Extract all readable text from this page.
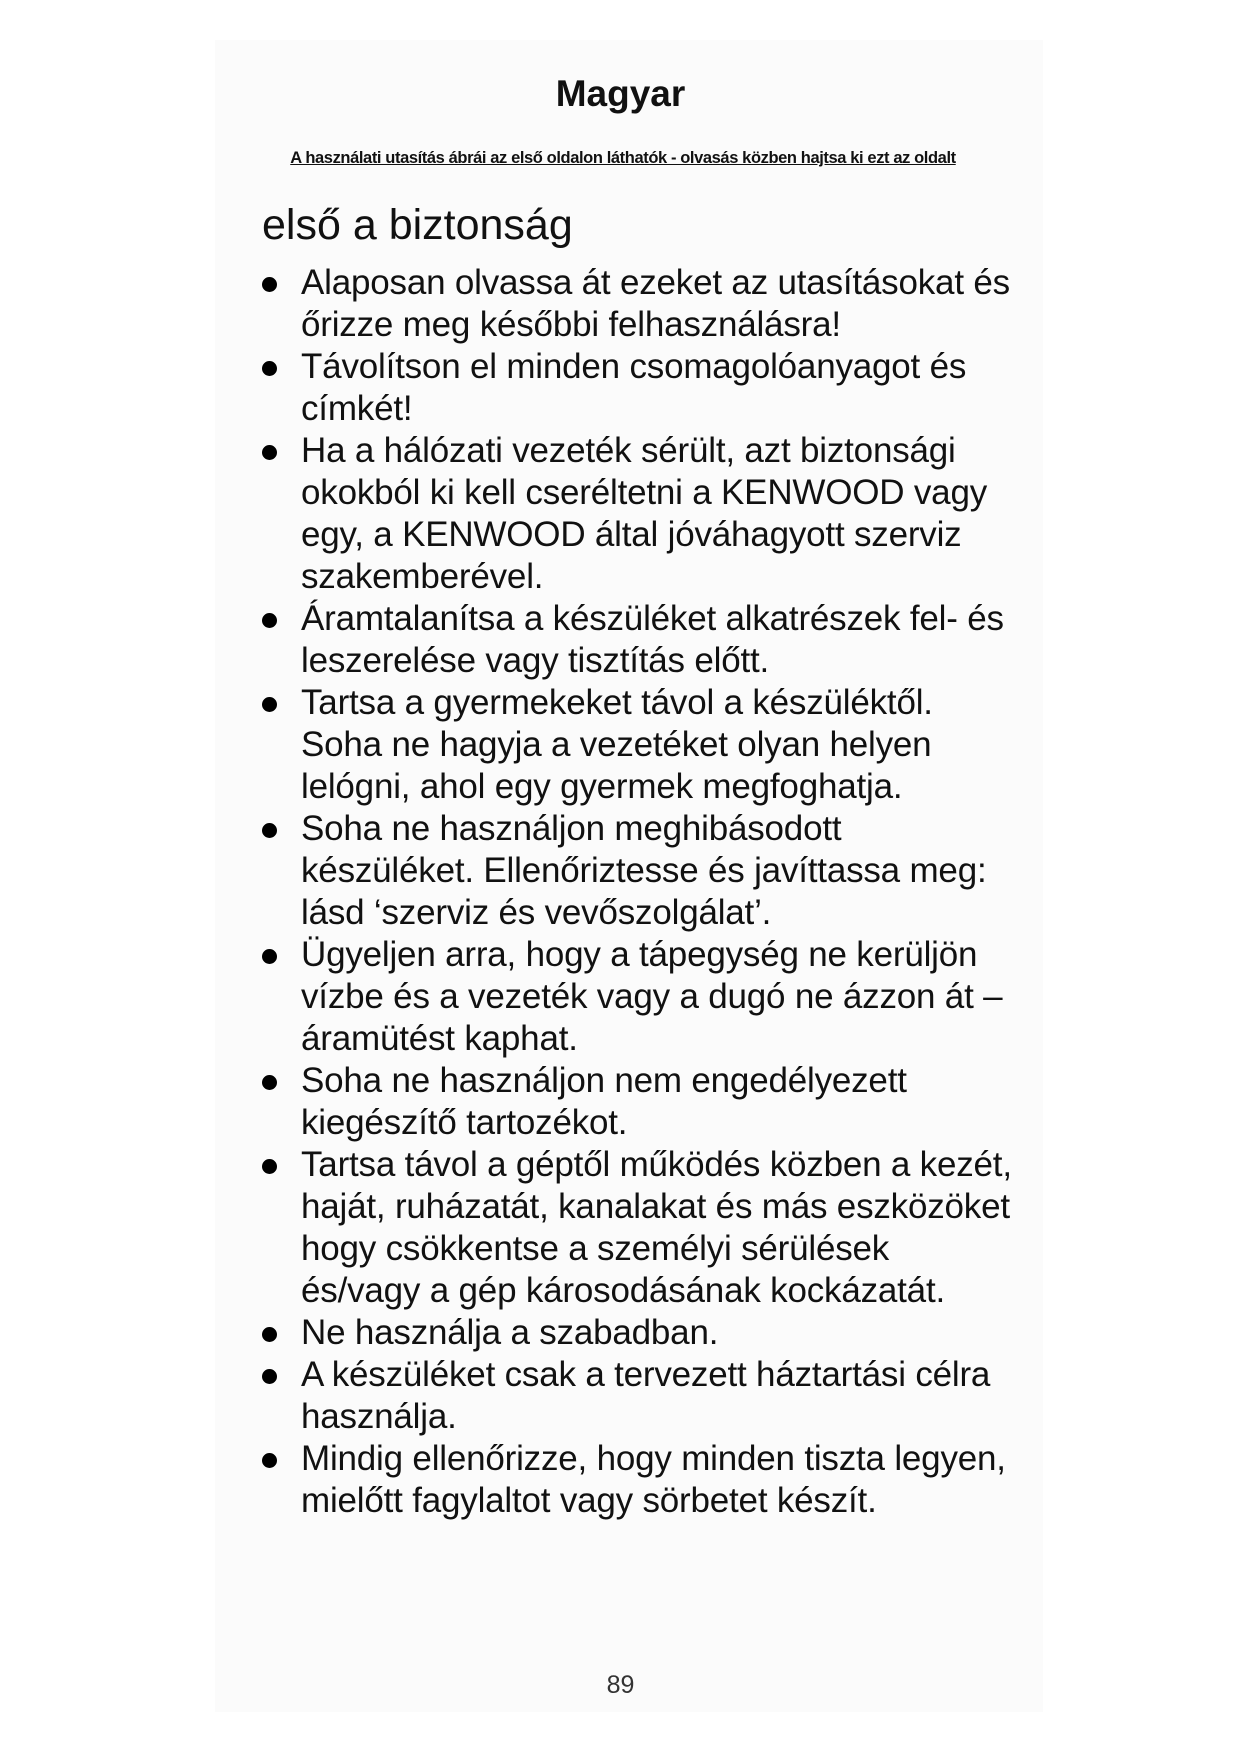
Magyar

A használati utasítás ábrái az első oldalon láthatók - olvasás közben hajtsa ki ezt az oldalt

első a biztonság
Alaposan olvassa át ezeket az utasításokat és őrizze meg későbbi felhasználásra!
Távolítson el minden csomagolóanyagot és címkét!
Ha a hálózati vezeték sérült, azt biztonsági okokból ki kell cseréltetni a KENWOOD vagy egy, a KENWOOD által jóváhagyott szerviz szakemberével.
Áramtalanítsa a készüléket alkatrészek fel- és leszerelése vagy tisztítás előtt.
Tartsa a gyermekeket távol a készüléktől. Soha ne hagyja a vezetéket olyan helyen lelógni, ahol egy gyermek megfoghatja.
Soha ne használjon meghibásodott készüléket. Ellenőriztesse és javíttassa meg: lásd ‘szerviz és vevőszolgálat’.
Ügyeljen arra, hogy a tápegység ne kerüljön vízbe és a vezeték vagy a dugó ne ázzon át – áramütést kaphat.
Soha ne használjon nem engedélyezett kiegészítő tartozékot.
Tartsa távol a géptől működés közben a kezét, haját, ruházatát, kanalakat és más eszközöket hogy csökkentse a személyi sérülések és/vagy a gép károsodásának kockázatát.
Ne használja a szabadban.
A készüléket csak a tervezett háztartási célra használja.
Mindig ellenőrizze, hogy minden tiszta legyen, mielőtt fagylaltot vagy sörbetet készít.

89
